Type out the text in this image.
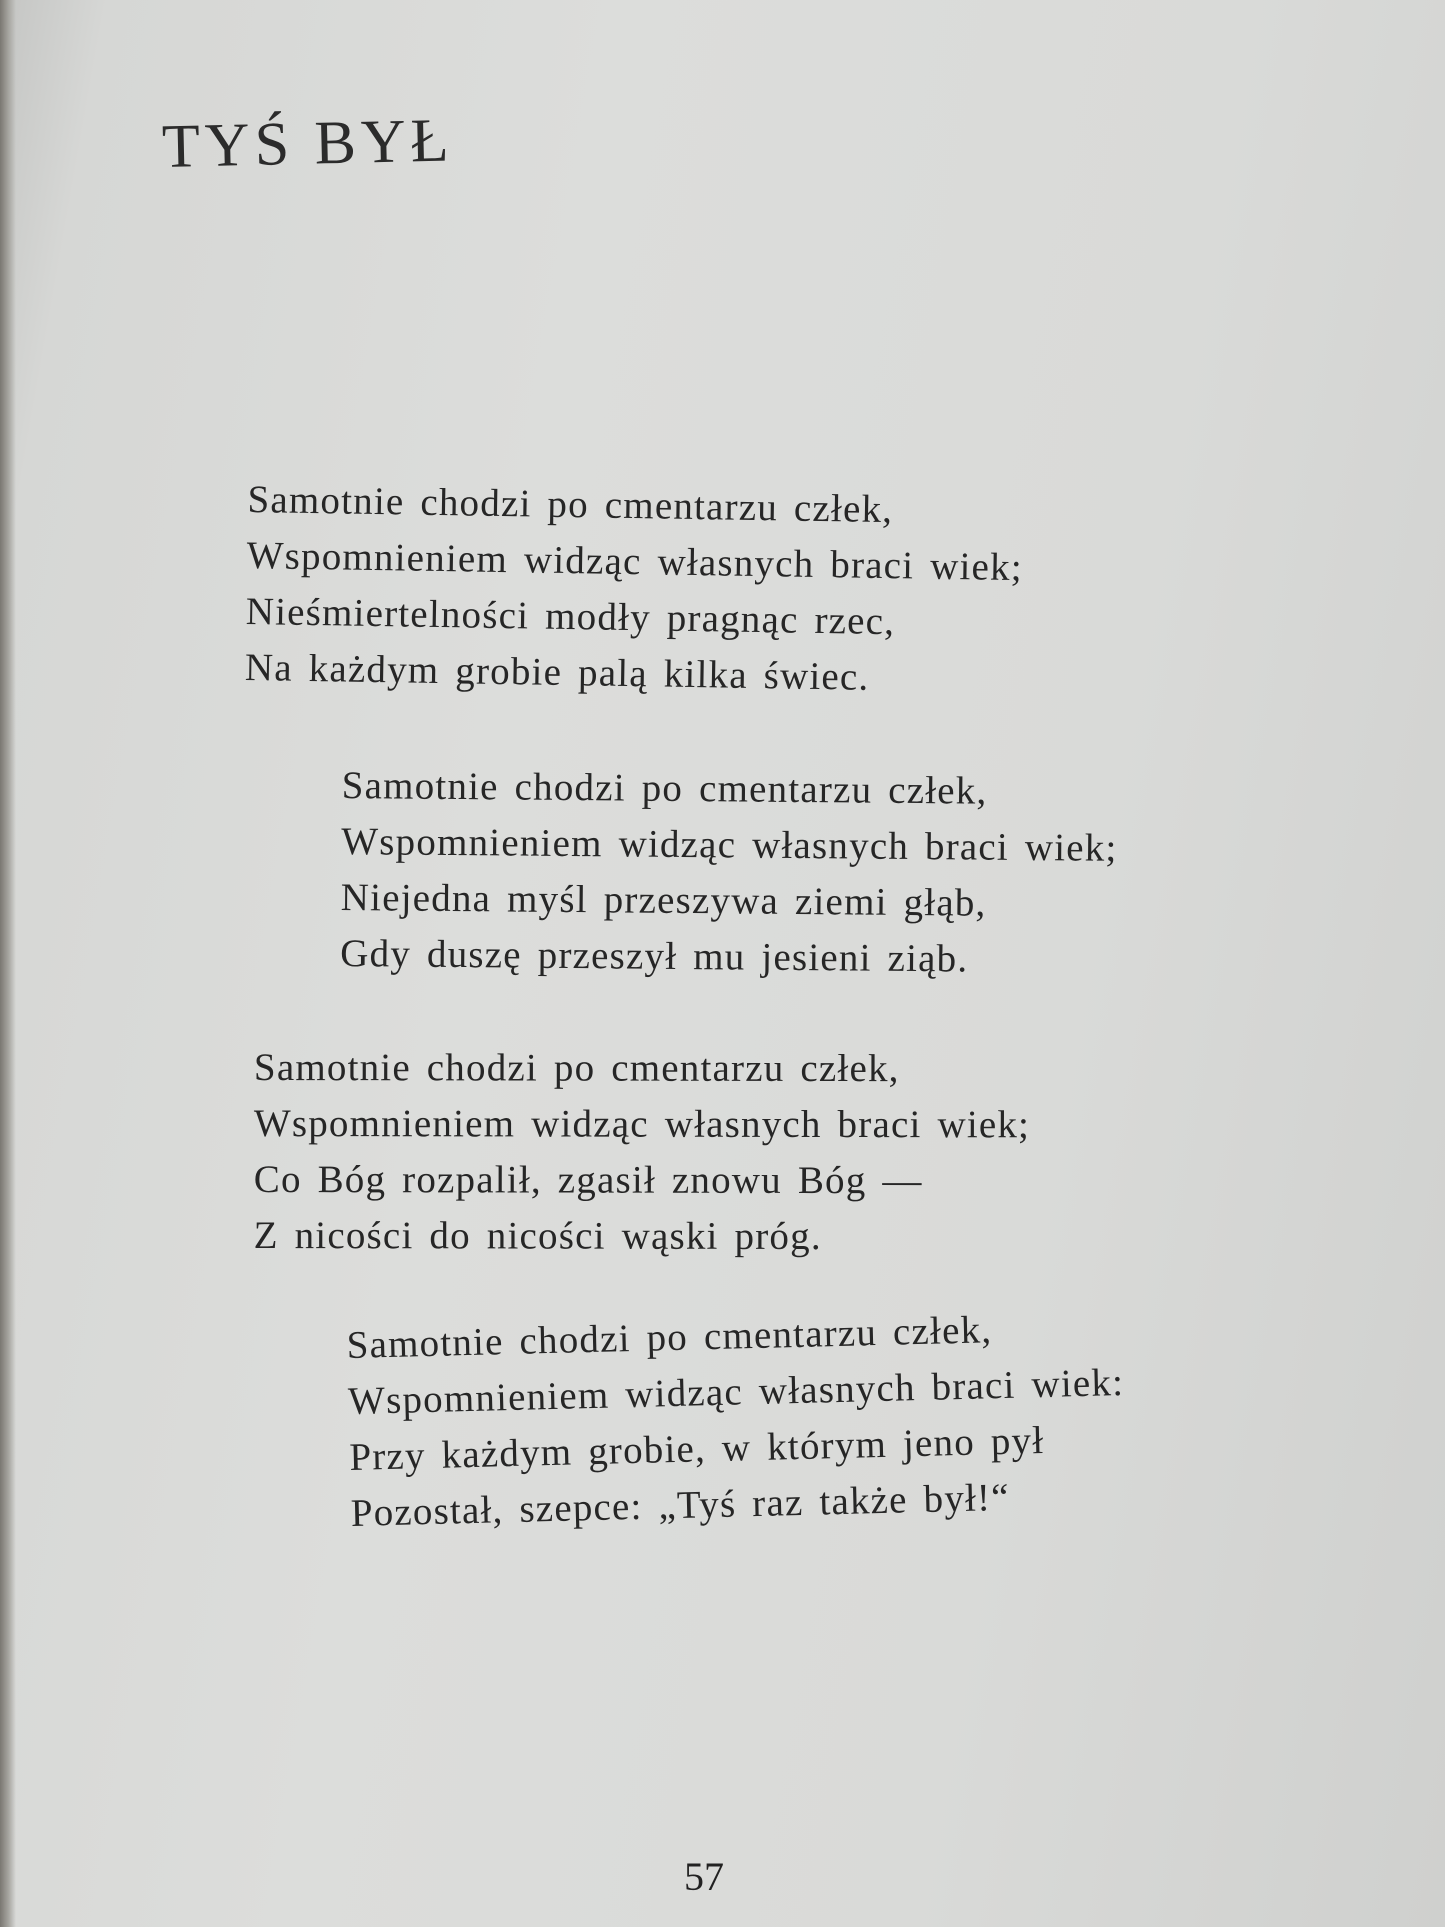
TYŚ BYŁ
Samotnie chodzi po cmentarzu człek,
Wspomnieniem widząc własnych braci wiek;
Nieśmiertelności modły pragnąc rzec,
Na każdym grobie palą kilka świec.
Samotnie chodzi po cmentarzu człek,
Wspomnieniem widząc własnych braci wiek;
Niejedna myśl przeszywa ziemi głąb,
Gdy duszę przeszył mu jesieni ziąb.
Samotnie chodzi po cmentarzu człek,
Wspomnieniem widząc własnych braci wiek;
Co Bóg rozpalił, zgasił znowu Bóg —
Z nicości do nicości wąski próg.
Samotnie chodzi po cmentarzu człek,
Wspomnieniem widząc własnych braci wiek:
Przy każdym grobie, w którym jeno pył
Pozostał, szepce: „Tyś raz także był!“
57
